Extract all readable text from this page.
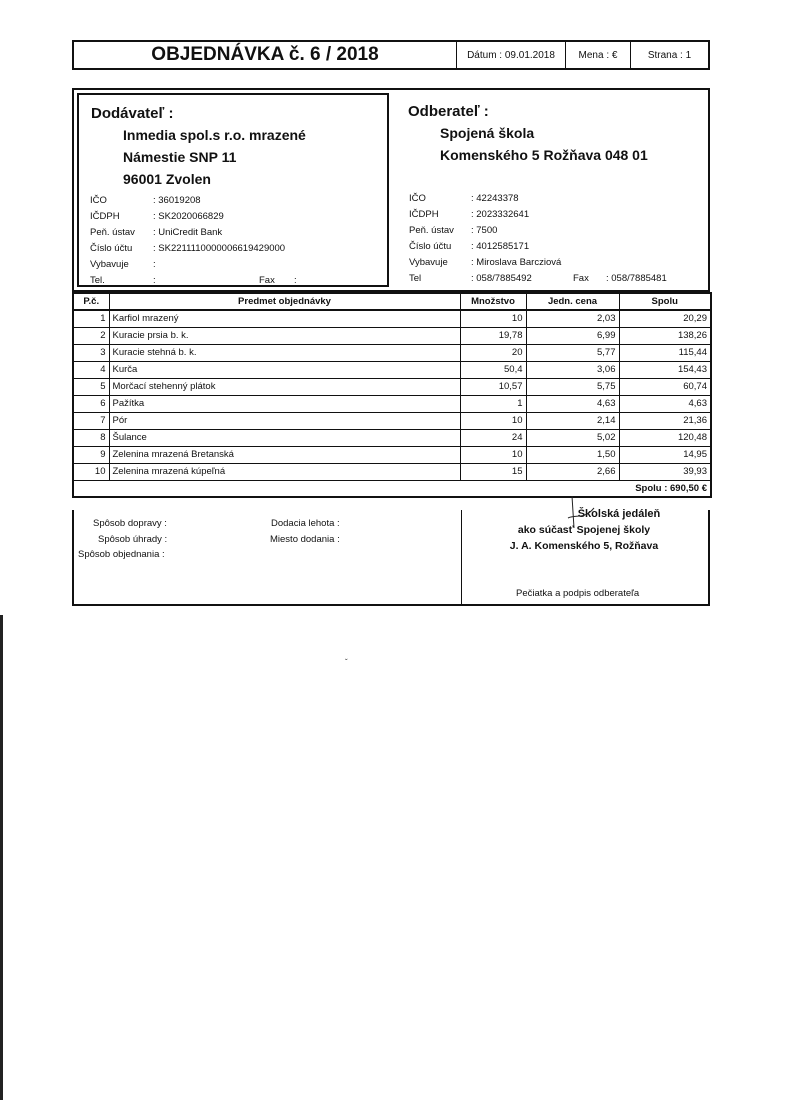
OBJEDNÁVKA č. 6 / 2018	Dátum : 09.01.2018	Mena : €	Strana : 1
Dodávateľ :
Inmedia spol.s r.o. mrazené
Námestie SNP 11
96001 Zvolen
IČO	: 36019208
IČDPH	: SK2020066829
Peň. ústav : UniCredit Bank
Číslo účtu : SK2211110000006619429000
Vybavuje	:
Tel.	:	Fax :
Odberateľ :
Spojená škola
Komenského 5 Rožňava 048 01
IČO	: 42243378
IČDPH	: 2023332641
Peň. ústav : 7500
Číslo účtu : 4012585171
Vybavuje : Miroslava Barcziová
Tel	: 058/7885492	Fax : 058/7885481
P.č.	Predmet objednávky	Množstvo	Jedn. cena	Spolu
1	Karfiol mrazený	10	2,03	20,29
2	Kuracie prsia b. k.	19,78	6,99	138,26
3	Kuracie stehná b. k.	20	5,77	115,44
4	Kurča	50,4	3,06	154,43
5	Morčací stehenný plátok	10,57	5,75	60,74
6	Pažítka	1	4,63	4,63
7	Pór	10	2,14	21,36
8	Šulance	24	5,02	120,48
9	Zelenina mrazená Bretanská	10	1,50	14,95
10	Zelenina mrazená kúpeľná	15	2,66	39,93
Spolu : 690,50 €				
Spôsob dopravy :
Spôsob úhrady :
Spôsob objednania :
Dodacia lehota :
Miesto dodania :
Školská jedáleň
ako súčasť Spojenej školy
J. A. Komenského 5, Rožňava
Pečiatka a podpis odberateľa
ˇ
